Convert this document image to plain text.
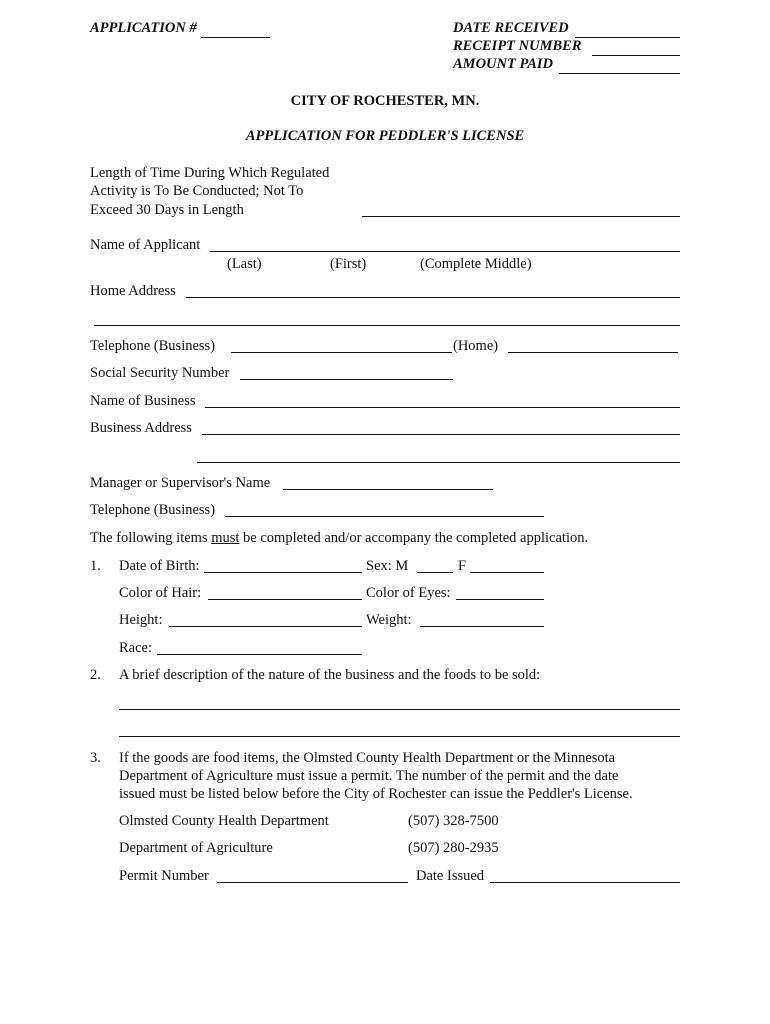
APPLICATION #	DATE RECEIVED
RECEIPT NUMBER
AMOUNT PAID
CITY OF ROCHESTER, MN.
APPLICATION FOR PEDDLER'S LICENSE
Length of Time During Which Regulated
Activity is To Be Conducted; Not To
Exceed 30 Days in Length
Name of Applicant
(Last)	(First)	(Complete Middle)
Home Address
Telephone (Business)	(Home)
Social Security Number
Name of Business
Business Address
Manager or Supervisor's Name
Telephone (Business)
The following items must be completed and/or accompany the completed application.
1. Date of Birth:	Sex: M	F
Color of Hair:	Color of Eyes:
Height:	Weight:
Race:
2. A brief description of the nature of the business and the foods to be sold:
3. If the goods are food items, the Olmsted County Health Department or the Minnesota
Department of Agriculture must issue a permit. The number of the permit and the date
issued must be listed below before the City of Rochester can issue the Peddler's License.
Olmsted County Health Department	(507) 328-7500
Department of Agriculture	(507) 280-2935
Permit Number	Date Issued
